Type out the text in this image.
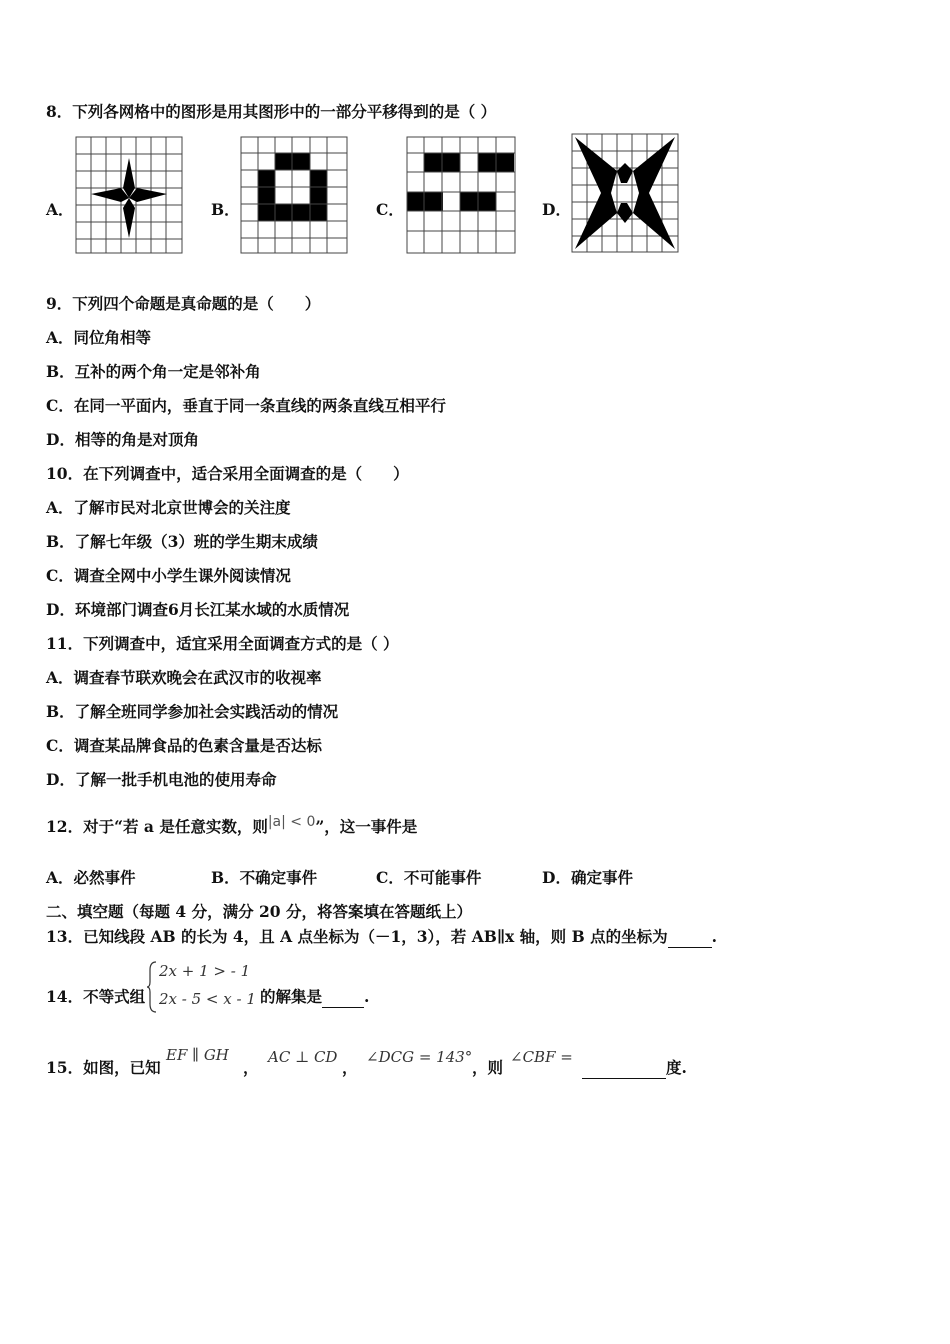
8．下列各网格中的图形是用其图形中的一部分平移得到的是（ ）
A．	B．	C．	D．
9．下列四个命题是真命题的是（　　）
A．同位角相等
B．互补的两个角一定是邻补角
C．在同一平面内，垂直于同一条直线的两条直线互相平行
D．相等的角是对顶角
10．在下列调查中，适合采用全面调查的是（　　）
A．了解市民对北京世博会的关注度
B．了解七年级（3）班的学生期末成绩
C．调查全网中小学生课外阅读情况
D．环境部门调查6月长江某水域的水质情况
11．下列调查中，适宜采用全面调查方式的是（ ）
A．调查春节联欢晚会在武汉市的收视率
B．了解全班同学参加社会实践活动的情况
C．调查某品牌食品的色素含量是否达标
D．了解一批手机电池的使用寿命
12．对于“若 a 是任意实数，则|a| < 0”，这一事件是
A．必然事件	B．不确定事件	C．不可能事件	D．确定事件
二、填空题（每题 4 分，满分 20 分，将答案填在答题纸上）
13．已知线段 AB 的长为 4，且 A 点坐标为（－1，3），若 AB∥x 轴，则 B 点的坐标为	.
14．不等式组
2x + 1 > - 1
2x - 5 < x - 1 的解集是	.
15．如图，已知
EF ∥ GH
，
AC ⊥ CD
，
∠DCG = 143°
，则
∠CBF =
度.
